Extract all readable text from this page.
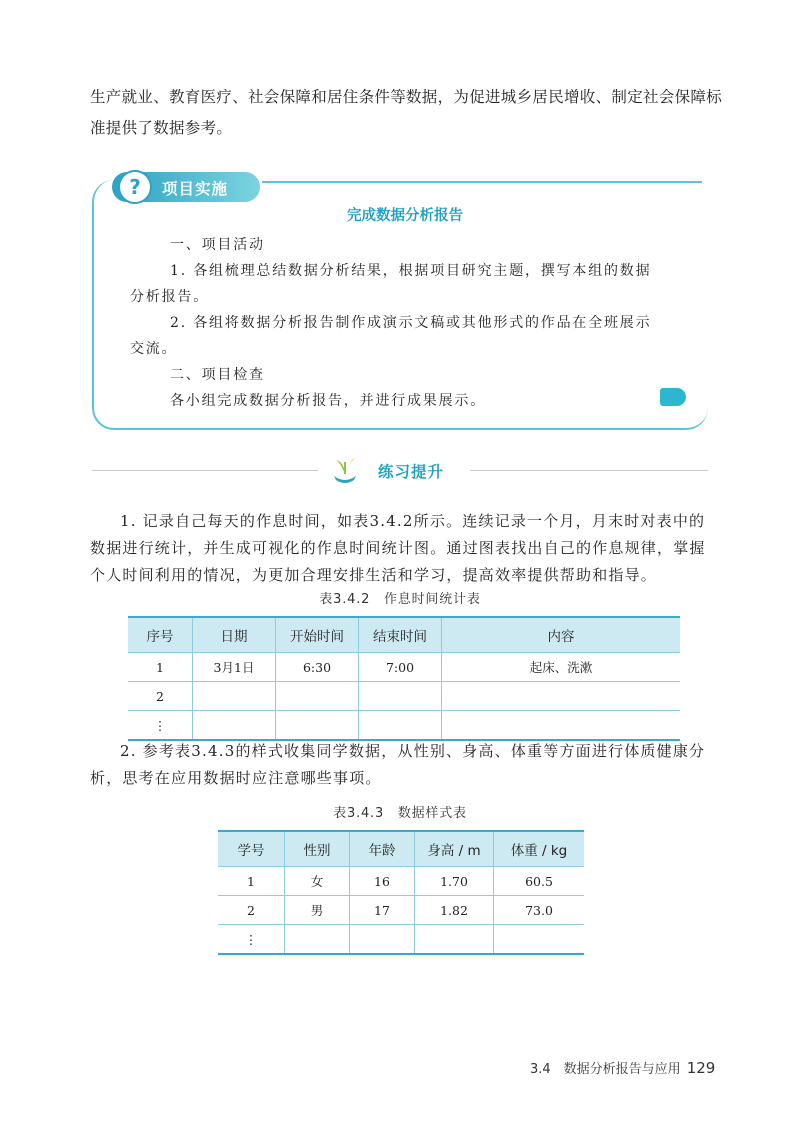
生产就业、教育医疗、社会保障和居住条件等数据，为促进城乡居民增收、制定社会保障标准提供了数据参考。
?	项目实施
完成数据分析报告
一、项目活动
1. 各组梳理总结数据分析结果，根据项目研究主题，撰写本组的数据
分析报告。
2. 各组将数据分析报告制作成演示文稿或其他形式的作品在全班展示
交流。
二、项目检查
各小组完成数据分析报告，并进行成果展示。
练习提升
1. 记录自己每天的作息时间，如表3.4.2所示。连续记录一个月，月末时对表中的数据进行统计，并生成可视化的作息时间统计图。通过图表找出自己的作息规律，掌握个人时间利用的情况，为更加合理安排生活和学习，提高效率提供帮助和指导。
表3.4.2　作息时间统计表
序号	日期	开始时间	结束时间	内容
1	3月1日	6:30	7:00	起床、洗漱
2				
⋮				
2. 参考表3.4.3的样式收集同学数据，从性别、身高、体重等方面进行体质健康分析，思考在应用数据时应注意哪些事项。
表3.4.3　数据样式表
学号	性别	年龄	身高 / m	体重 / kg
1	女	16	1.70	60.5
2	男	17	1.82	73.0
⋮				
3.4　数据分析报告与应用 129
